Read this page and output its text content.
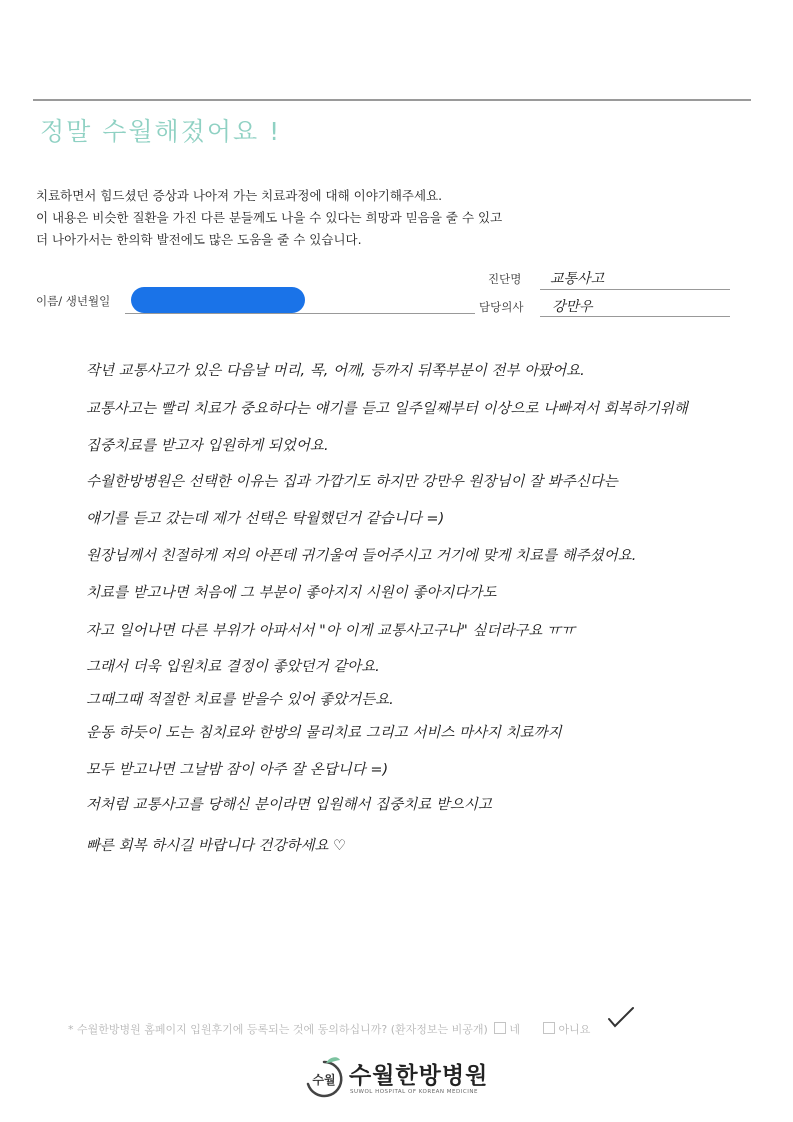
정말 수월해졌어요 !
치료하면서 힘드셨던 증상과 나아져 가는 치료과정에 대해 이야기해주세요.
이 내용은 비슷한 질환을 가진 다른 분들께도 나을 수 있다는 희망과 믿음을 줄 수 있고
더 나아가서는 한의학 발전에도 많은 도움을 줄 수 있습니다.
진단명 교통사고
이름/ 생년월일	담당의사 강만우
작년 교통사고가 있은 다음날 머리, 목, 어깨, 등까지 뒤쪽부분이 전부 아팠어요.
교통사고는 빨리 치료가 중요하다는 얘기를 듣고 일주일째부터 이상으로 나빠져서 회복하기위해
집중치료를 받고자 입원하게 되었어요.
수월한방병원은 선택한 이유는 집과 가깝기도 하지만 강만우 원장님이 잘 봐주신다는
얘기를 듣고 갔는데 제가 선택은 탁월했던거 같습니다 =)
원장님께서 친절하게 저의 아픈데 귀기울여 들어주시고 거기에 맞게 치료를 해주셨어요.
치료를 받고나면 처음에 그 부분이 좋아지지 시원이 좋아지다가도
자고 일어나면 다른 부위가 아파서서 "아 이게 교통사고구나" 싶더라구요 ㅠㅠ
그래서 더욱 입원치료 결정이 좋았던거 같아요.
그때그때 적절한 치료를 받을수 있어 좋았거든요.
운동 하듯이 도는 침치료와 한방의 물리치료 그리고 서비스 마사지 치료까지
모두 받고나면 그날밤 잠이 아주 잘 온답니다 =)
저처럼 교통사고를 당해신 분이라면 입원해서 집중치료 받으시고
빠른 회복 하시길 바랍니다 건강하세요 ♡
* 수월한방병원 홈페이지 입원후기에 등록되는 것에 동의하십니까? (환자정보는 비공개) 네	아니요
수월 수월한방병원
SUWOL HOSPITAL OF KOREAN MEDICINE
